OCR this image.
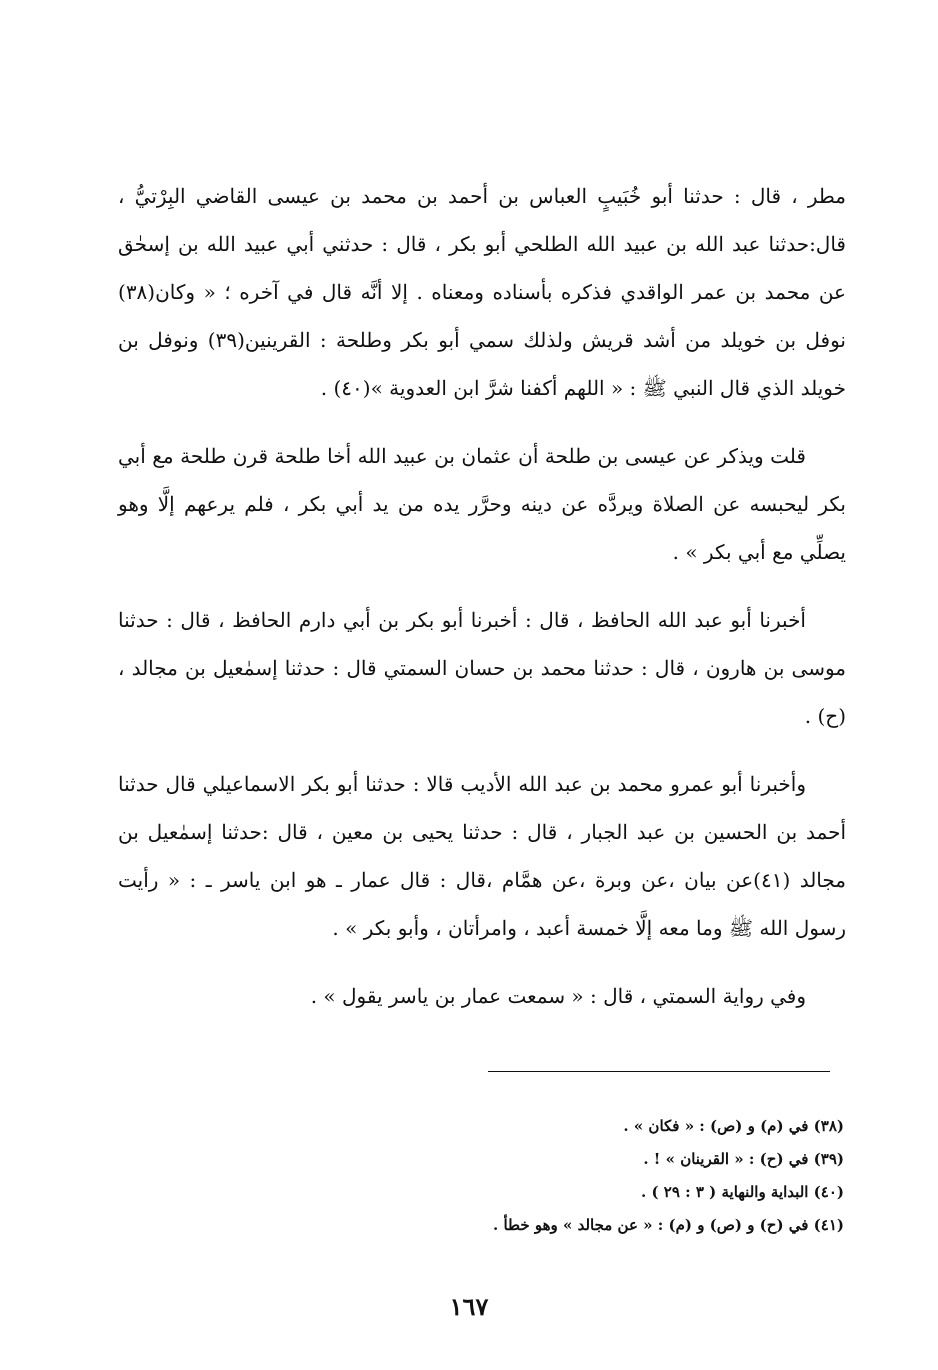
مطر ، قال : حدثنا أبو خُبَيبٍ العباس بن أحمد بن محمد بن عيسى القاضي البِرْتيُّ ، قال:حدثنا عبد الله بن عبيد الله الطلحي أبو بكر ، قال : حدثني أبي عبيد الله بن إسحٰق عن محمد بن عمر الواقدي فذكره بأسناده ومعناه . إلا أنَّه قال في آخره ؛ « وكان(٣٨) نوفل بن خويلد من أشد قريش ولذلك سمي أبو بكر وطلحة : القرينين(٣٩) ونوفل بن خويلد الذي قال النبي ﷺ : « اللهم أكفنا شرَّ ابن العدوية »(٤٠) .

قلت ويذكر عن عيسى بن طلحة أن عثمان بن عبيد الله أخا طلحة قرن طلحة مع أبي بكر ليحبسه عن الصلاة ويردَّه عن دينه وحرَّر يده من يد أبي بكر ، فلم يرعهم إلَّا وهو يصلِّي مع أبي بكر » .

أخبرنا أبو عبد الله الحافظ ، قال : أخبرنا أبو بكر بن أبي دارم الحافظ ، قال : حدثنا موسى بن هارون ، قال : حدثنا محمد بن حسان السمتي قال : حدثنا إسمٰعيل بن مجالد ، (ح) .

وأخبرنا أبو عمرو محمد بن عبد الله الأديب قالا : حدثنا أبو بكر الاسماعيلي قال حدثنا أحمد بن الحسين بن عبد الجبار ، قال : حدثنا يحيى بن معين ، قال :حدثنا إسمٰعيل بن مجالد (٤١)عن بيان ،عن وبرة ،عن همَّام ،قال : قال عمار ـ هو ابن ياسر ـ : « رأيت رسول الله ﷺ وما معه إلَّا خمسة أعبد ، وامرأتان ، وأبو بكر » .

وفي رواية السمتي ، قال : « سمعت عمار بن ياسر يقول » .

(٣٨) في (م) و (ص) : « فكان » .
(٣٩) في (ح) : « القرينان » ! .
(٤٠) البداية والنهاية ( ٣ : ٢٩ ) .
(٤١) في (ح) و (ص) و (م) : « عن مجالد » وهو خطأ .
١٦٧
